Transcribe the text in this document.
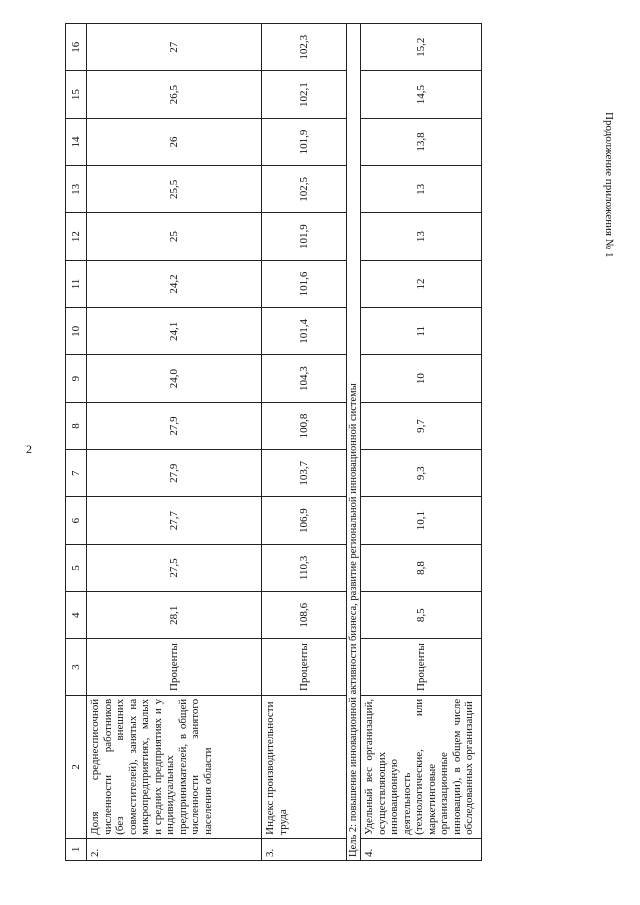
2
Продолжение приложения № 1
1	2	3	4	5	6	7	8	9	10	11	12	13	14	15	16
2.	Доля среднесписочной численности работников (без внешних совместителей), занятых на микропредприятиях, малых и средних предприятиях и у индивидуальных предпринимателей, в общей численности занятого населения области	Проценты	28,1	27,5	27,7	27,9	27,9	24,0	24,1	24,2	25	25,5	26	26,5	27
3.	Индекс производительности труда	Проценты	108,6	110,3	106,9	103,7	100,8	104,3	101,4	101,6	101,9	102,5	101,9	102,1	102,3
Цель 2: повышение инновационной активности бизнеса, развитие региональной инновационной системы															
4.	Удельный вес организаций, осуществляющих инновационную деятельность (технологические, или маркетинговые организационные инновации), в общем числе обследованных организаций	Проценты	8,5	8,8	10,1	9,3	9,7	10	11	12	13	13	13,8	14,5	15,2
